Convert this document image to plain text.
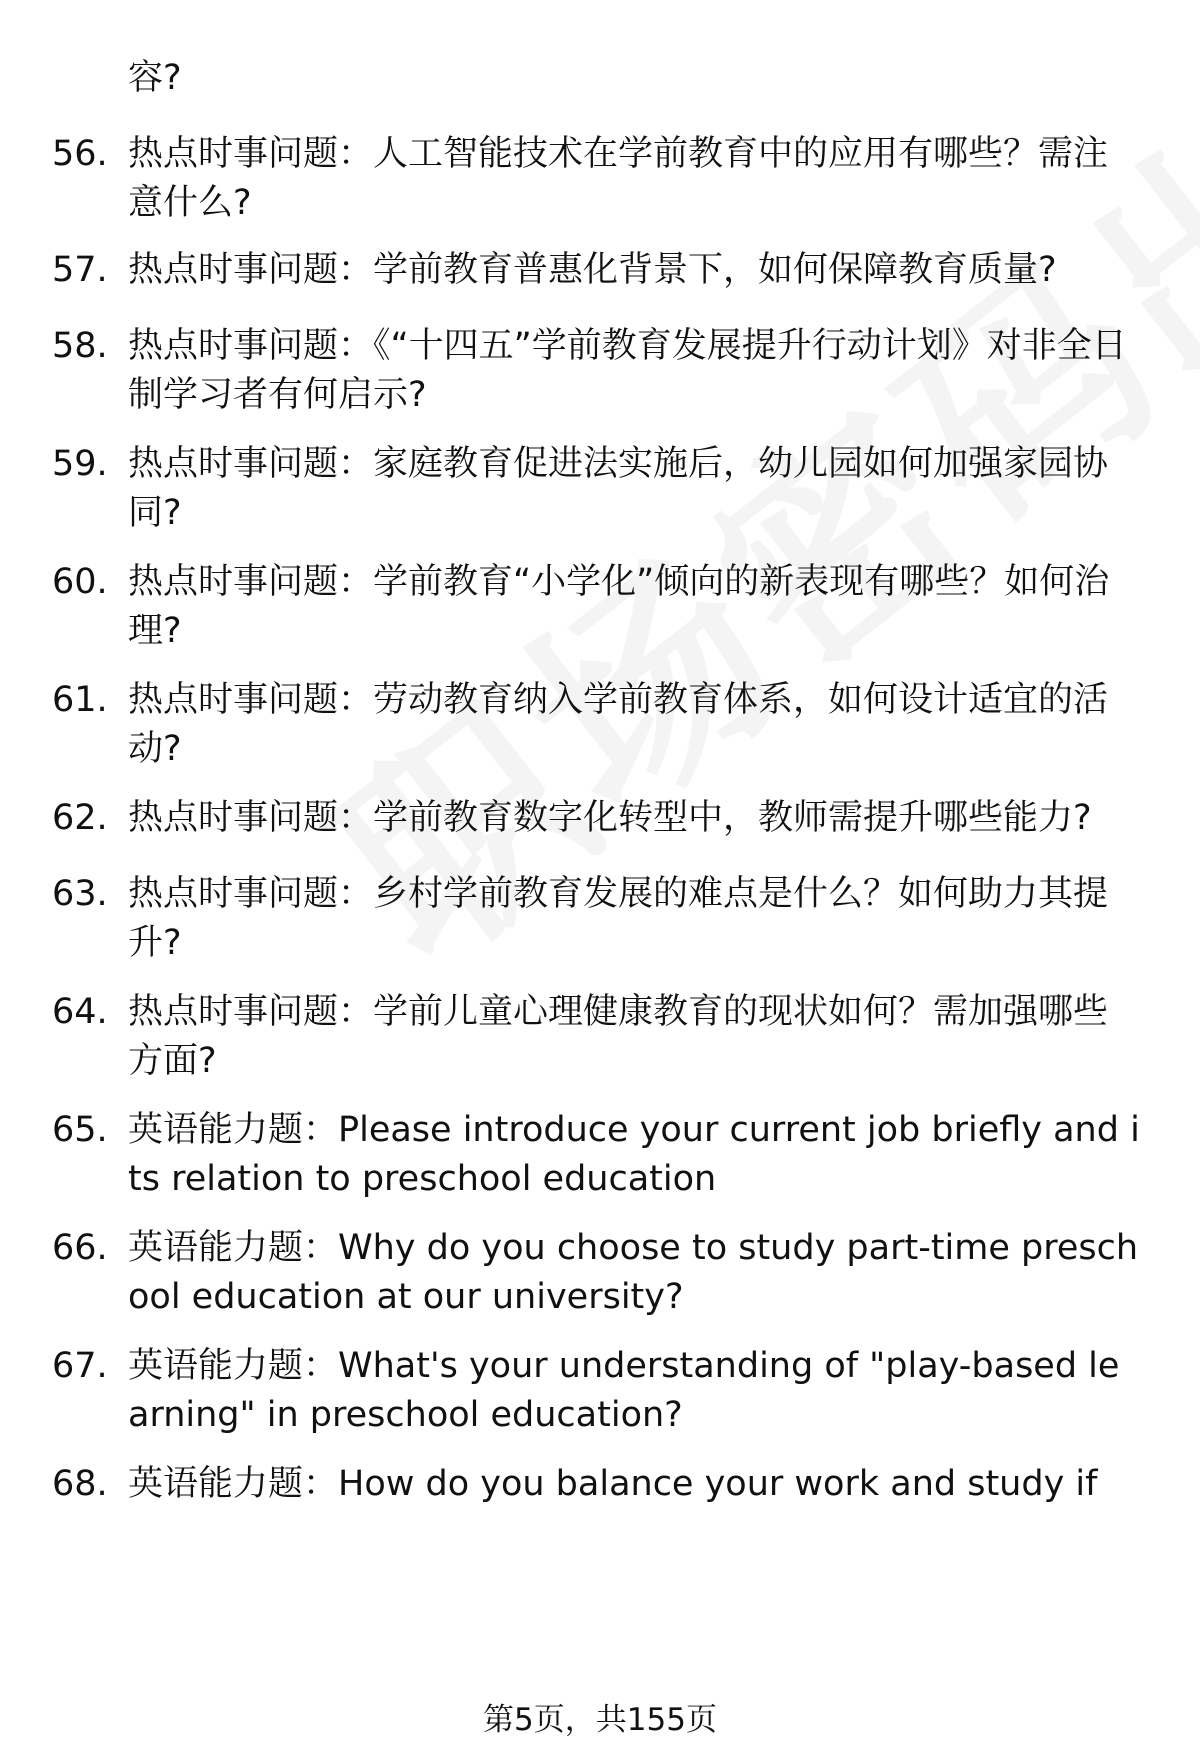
容?
56. 热点时事问题：人工智能技术在学前教育中的应用有哪些？需注意什么?
57. 热点时事问题：学前教育普惠化背景下，如何保障教育质量?
58. 热点时事问题：《“十四五”学前教育发展提升行动计划》对非全日制学习者有何启示?
59. 热点时事问题：家庭教育促进法实施后，幼儿园如何加强家园协同?
60. 热点时事问题：学前教育“小学化”倾向的新表现有哪些？如何治理?
61. 热点时事问题：劳动教育纳入学前教育体系，如何设计适宜的活动?
62. 热点时事问题：学前教育数字化转型中，教师需提升哪些能力?
63. 热点时事问题：乡村学前教育发展的难点是什么？如何助力其提升?
64. 热点时事问题：学前儿童心理健康教育的现状如何？需加强哪些方面?
65. 英语能力题：Please introduce your current job briefly and its relation to preschool education
66. 英语能力题：Why do you choose to study part-time preschool education at our university?
67. 英语能力题：What's your understanding of "play-based learning" in preschool education?
68. 英语能力题：How do you balance your work and study if
第5页，共155页
